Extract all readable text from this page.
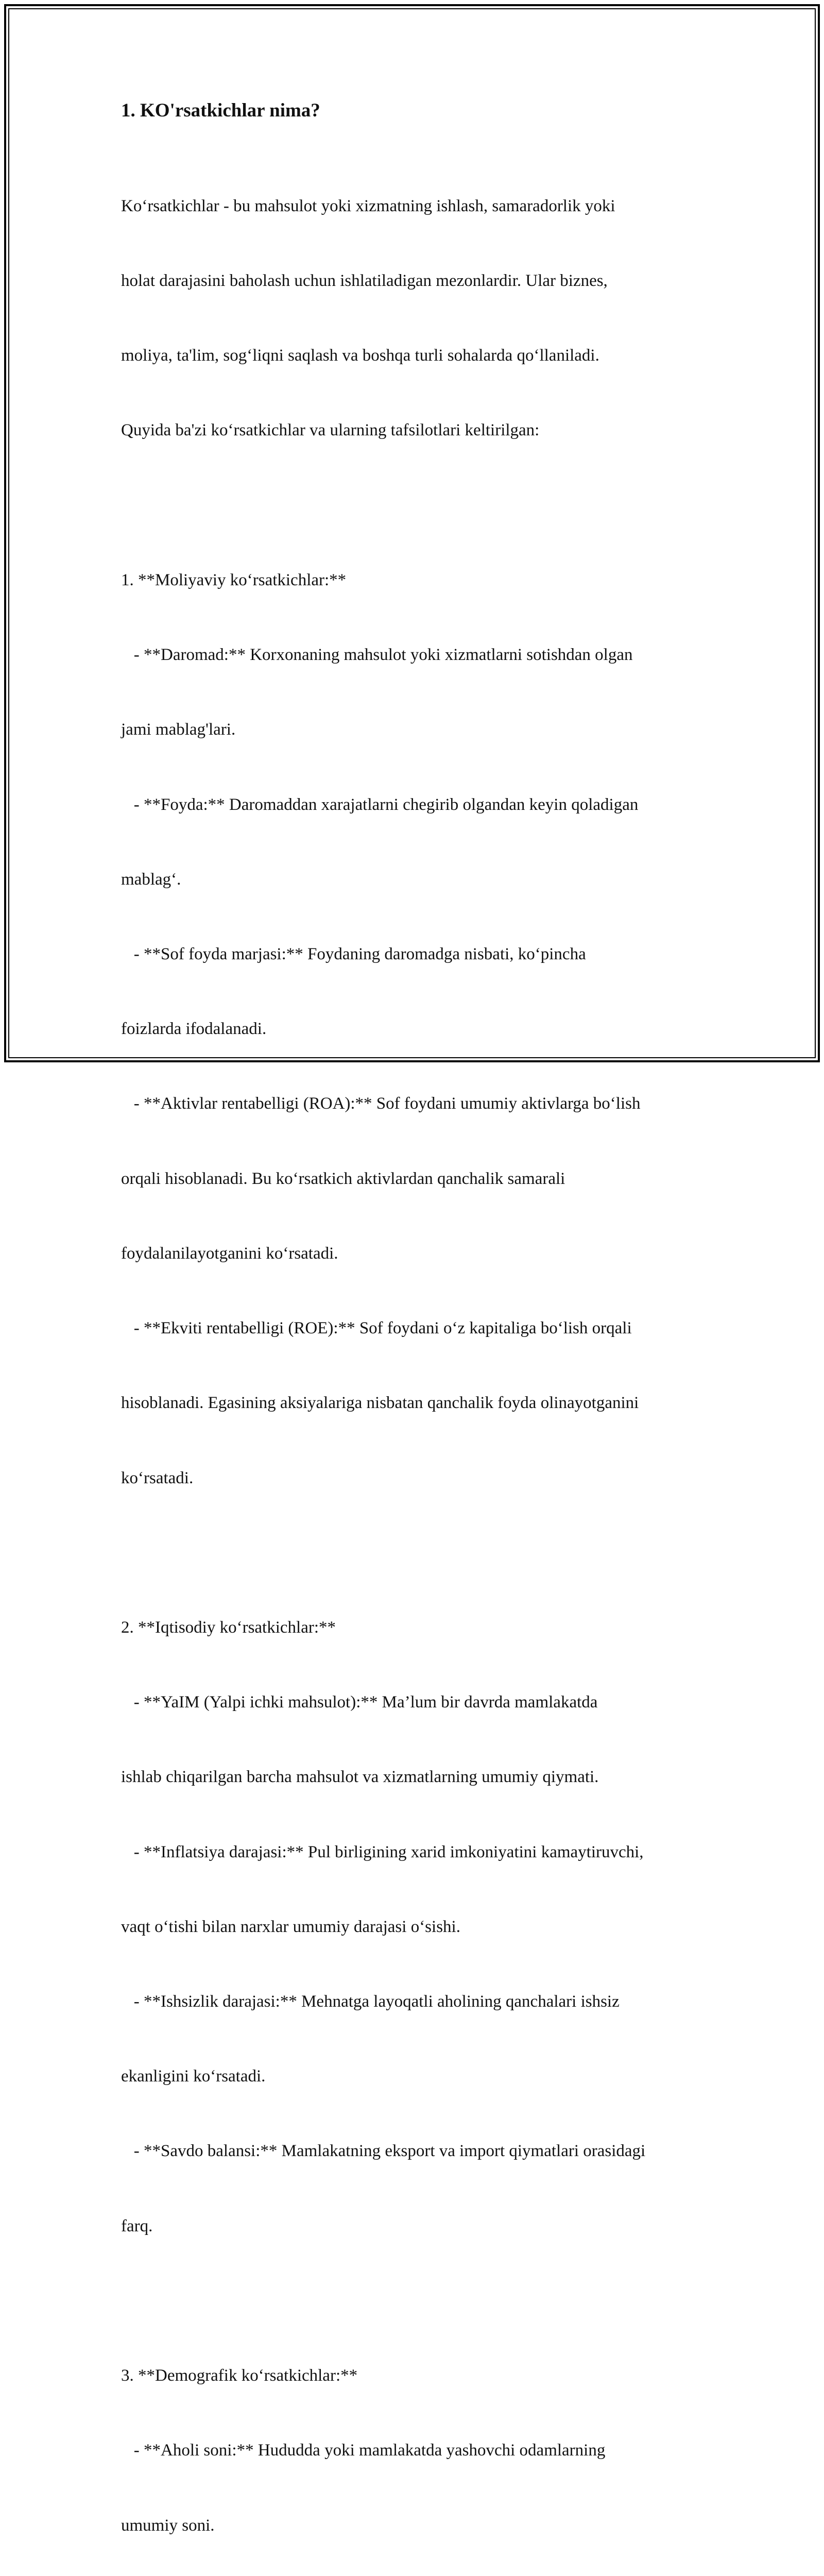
1. KO'rsatkichlar nima?

Ko‘rsatkichlar - bu mahsulot yoki xizmatning ishlash, samaradorlik yoki

holat darajasini baholash uchun ishlatiladigan mezonlardir. Ular biznes,

moliya, ta'lim, sog‘liqni saqlash va boshqa turli sohalarda qo‘llaniladi.

Quyida ba'zi ko‘rsatkichlar va ularning tafsilotlari keltirilgan:

1. **Moliyaviy ko‘rsatkichlar:**

- **Daromad:** Korxonaning mahsulot yoki xizmatlarni sotishdan olgan

jami mablag'lari.

- **Foyda:** Daromaddan xarajatlarni chegirib olgandan keyin qoladigan

mablag‘.

- **Sof foyda marjasi:** Foydaning daromadga nisbati, ko‘pincha

foizlarda ifodalanadi.

- **Aktivlar rentabelligi (ROA):** Sof foydani umumiy aktivlarga bo‘lish

orqali hisoblanadi. Bu ko‘rsatkich aktivlardan qanchalik samarali

foydalanilayotganini ko‘rsatadi.

- **Ekviti rentabelligi (ROE):** Sof foydani o‘z kapitaliga bo‘lish orqali

hisoblanadi. Egasining aksiyalariga nisbatan qanchalik foyda olinayotganini

ko‘rsatadi.

2. **Iqtisodiy ko‘rsatkichlar:**

- **YaIM (Yalpi ichki mahsulot):** Ma’lum bir davrda mamlakatda

ishlab chiqarilgan barcha mahsulot va xizmatlarning umumiy qiymati.

- **Inflatsiya darajasi:** Pul birligining xarid imkoniyatini kamaytiruvchi,

vaqt o‘tishi bilan narxlar umumiy darajasi o‘sishi.

- **Ishsizlik darajasi:** Mehnatga layoqatli aholining qanchalari ishsiz

ekanligini ko‘rsatadi.

- **Savdo balansi:** Mamlakatning eksport va import qiymatlari orasidagi

farq.

3. **Demografik ko‘rsatkichlar:**

- **Aholi soni:** Hududda yoki mamlakatda yashovchi odamlarning

umumiy soni.
